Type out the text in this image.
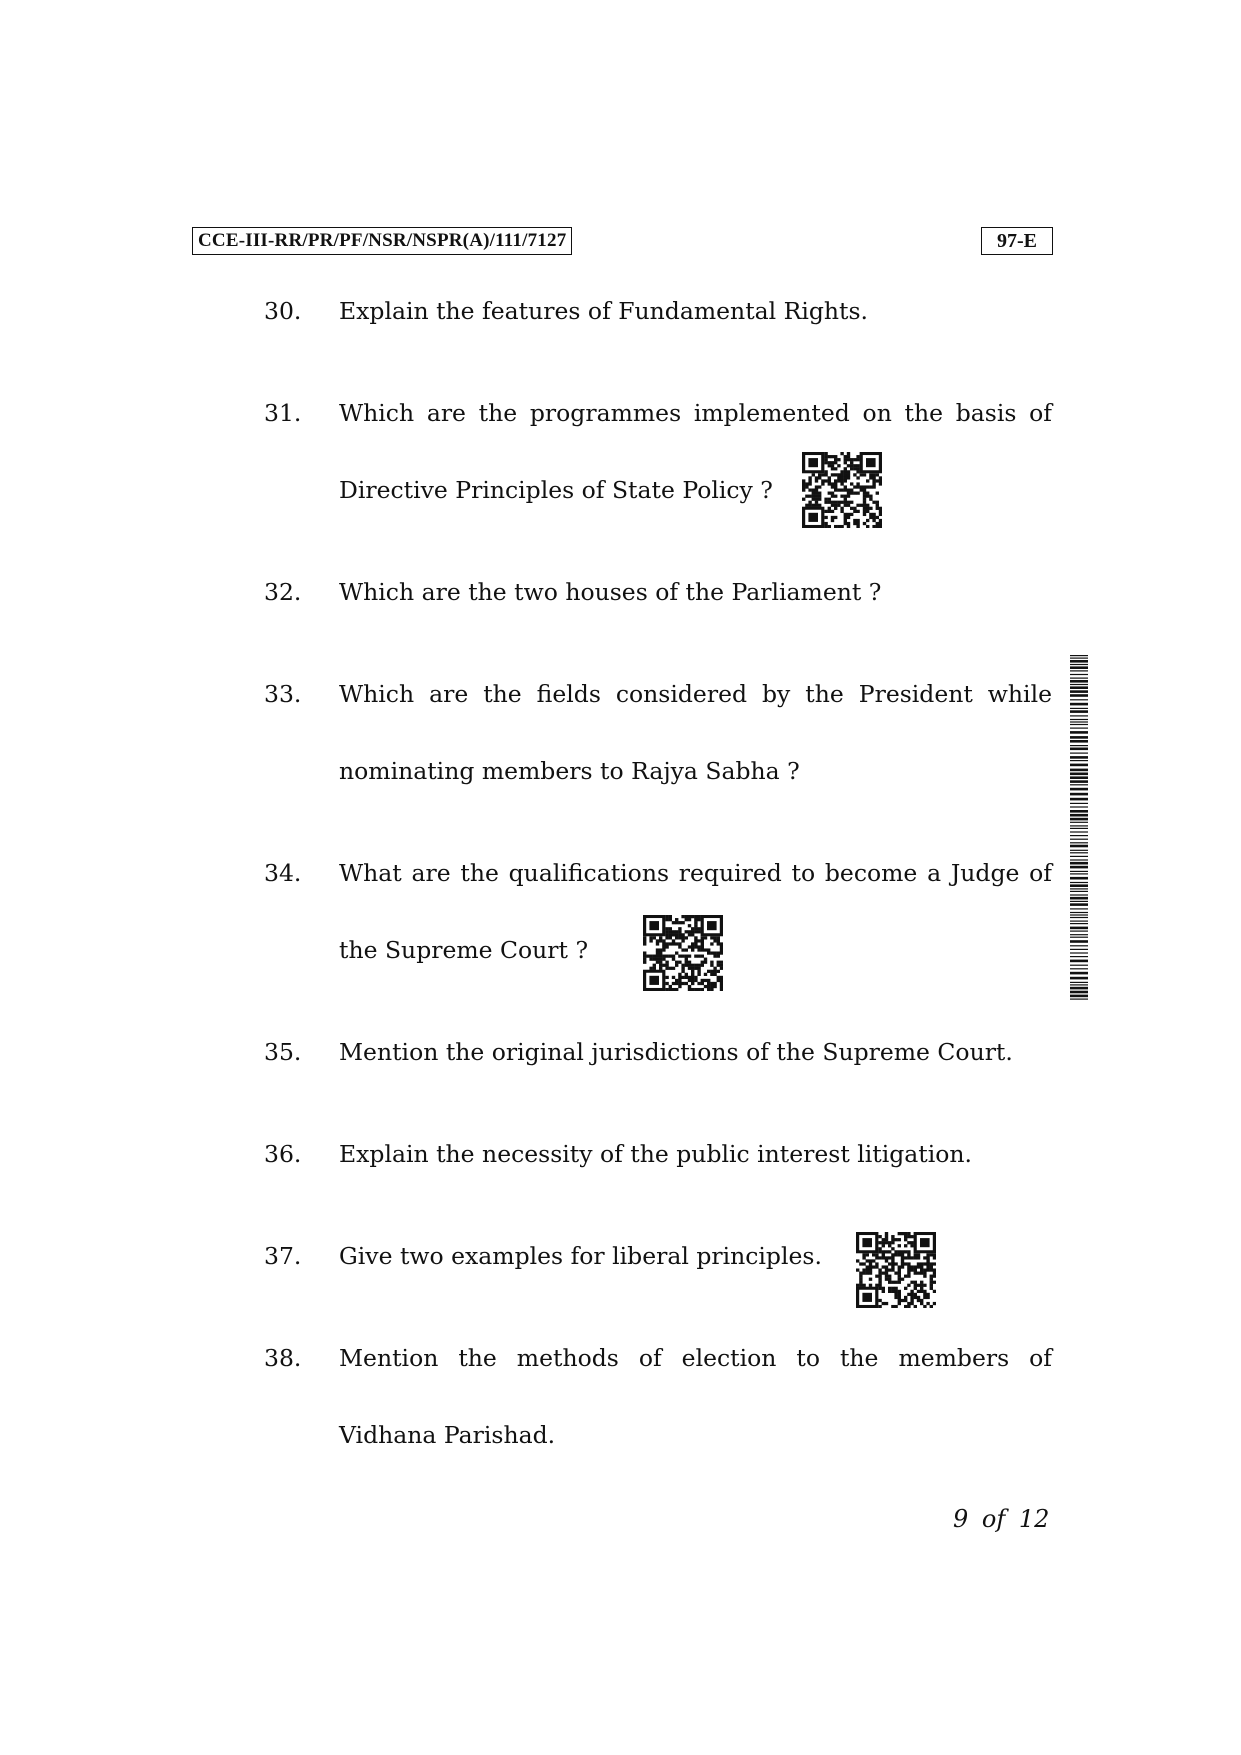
CCE-III-RR/PR/PF/NSR/NSPR(A)/111/7127	97-E
30. Explain the features of Fundamental Rights.
31. Which are the programmes implemented on the basis of
Directive Principles of State Policy ?
32. Which are the two houses of the Parliament ?
33. Which are the fields considered by the President while
nominating members to Rajya Sabha ?
34. What are the qualifications required to become a Judge of
the Supreme Court ?
35. Mention the original jurisdictions of the Supreme Court.
36. Explain the necessity of the public interest litigation.
37. Give two examples for liberal principles.
38. Mention the methods of election to the members of
Vidhana Parishad.
9 of 12
